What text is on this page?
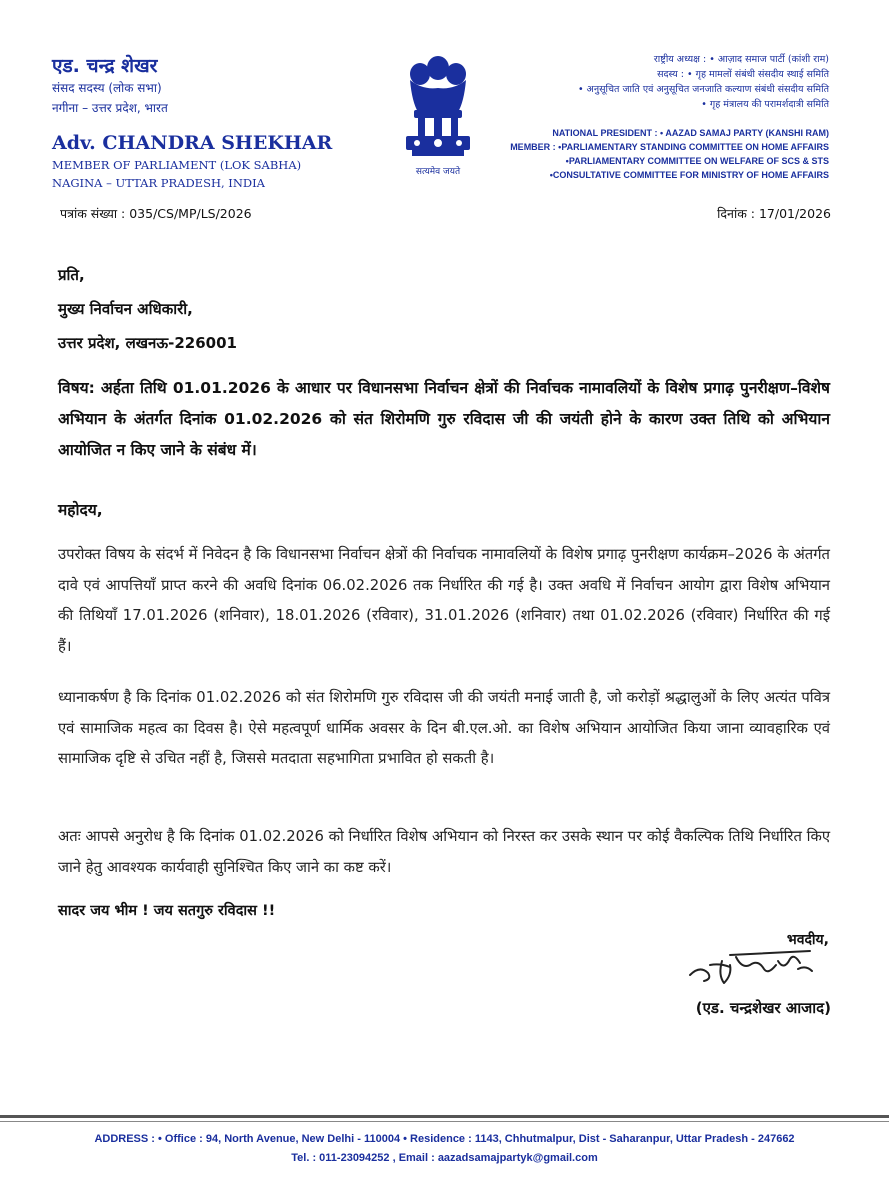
एड. चन्द्र शेखर
संसद सदस्य (लोक सभा)
नगीना – उत्तर प्रदेश, भारत
Adv. CHANDRA SHEKHAR
MEMBER OF PARLIAMENT (LOK SABHA)
NAGINA – UTTAR PRADESH, INDIA
सत्यमेव जयते
राष्ट्रीय अध्यक्ष : • आज़ाद समाज पार्टी (कांशी राम)
सदस्य : • गृह मामलों संबंधी संसदीय स्थाई समिति
• अनुसूचित जाति एवं अनुसूचित जनजाति कल्याण संबंधी संसदीय समिति
• गृह मंत्रालय की परामर्शदात्री समिति
NATIONAL PRESIDENT : • AAZAD SAMAJ PARTY (KANSHI RAM)
MEMBER : •PARLIAMENTARY STANDING COMMITTEE ON HOME AFFAIRS
•PARLIAMENTARY COMMITTEE ON WELFARE OF SCS & STS
•CONSULTATIVE COMMITTEE FOR MINISTRY OF HOME AFFAIRS
पत्रांक संख्या : 035/CS/MP/LS/2026	दिनांक : 17/01/2026
प्रति,
मुख्य निर्वाचन अधिकारी,
उत्तर प्रदेश, लखनऊ-226001
विषय: अर्हता तिथि 01.01.2026 के आधार पर विधानसभा निर्वाचन क्षेत्रों की निर्वाचक नामावलियों के विशेष प्रगाढ़ पुनरीक्षण–विशेष अभियान के अंतर्गत दिनांक 01.02.2026 को संत शिरोमणि गुरु रविदास जी की जयंती होने के कारण उक्त तिथि को अभियान आयोजित न किए जाने के संबंध में।
महोदय,
उपरोक्त विषय के संदर्भ में निवेदन है कि विधानसभा निर्वाचन क्षेत्रों की निर्वाचक नामावलियों के विशेष प्रगाढ़ पुनरीक्षण कार्यक्रम–2026 के अंतर्गत दावे एवं आपत्तियाँ प्राप्त करने की अवधि दिनांक 06.02.2026 तक निर्धारित की गई है। उक्त अवधि में निर्वाचन आयोग द्वारा विशेष अभियान की तिथियाँ 17.01.2026 (शनिवार), 18.01.2026 (रविवार), 31.01.2026 (शनिवार) तथा 01.02.2026 (रविवार) निर्धारित की गई हैं।
ध्यानाकर्षण है कि दिनांक 01.02.2026 को संत शिरोमणि गुरु रविदास जी की जयंती मनाई जाती है, जो करोड़ों श्रद्धालुओं के लिए अत्यंत पवित्र एवं सामाजिक महत्व का दिवस है। ऐसे महत्वपूर्ण धार्मिक अवसर के दिन बी.एल.ओ. का विशेष अभियान आयोजित किया जाना व्यावहारिक एवं सामाजिक दृष्टि से उचित नहीं है, जिससे मतदाता सहभागिता प्रभावित हो सकती है।
अतः आपसे अनुरोध है कि दिनांक 01.02.2026 को निर्धारित विशेष अभियान को निरस्त कर उसके स्थान पर कोई वैकल्पिक तिथि निर्धारित किए जाने हेतु आवश्यक कार्यवाही सुनिश्चित किए जाने का कष्ट करें।
सादर जय भीम ! जय सतगुरु रविदास !!
भवदीय,
(एड. चन्द्रशेखर आजाद)
ADDRESS : • Office : 94, North Avenue, New Delhi - 110004 • Residence : 1143, Chhutmalpur, Dist - Saharanpur, Uttar Pradesh - 247662
Tel. : 011-23094252 , Email : aazadsamajpartyk@gmail.com
